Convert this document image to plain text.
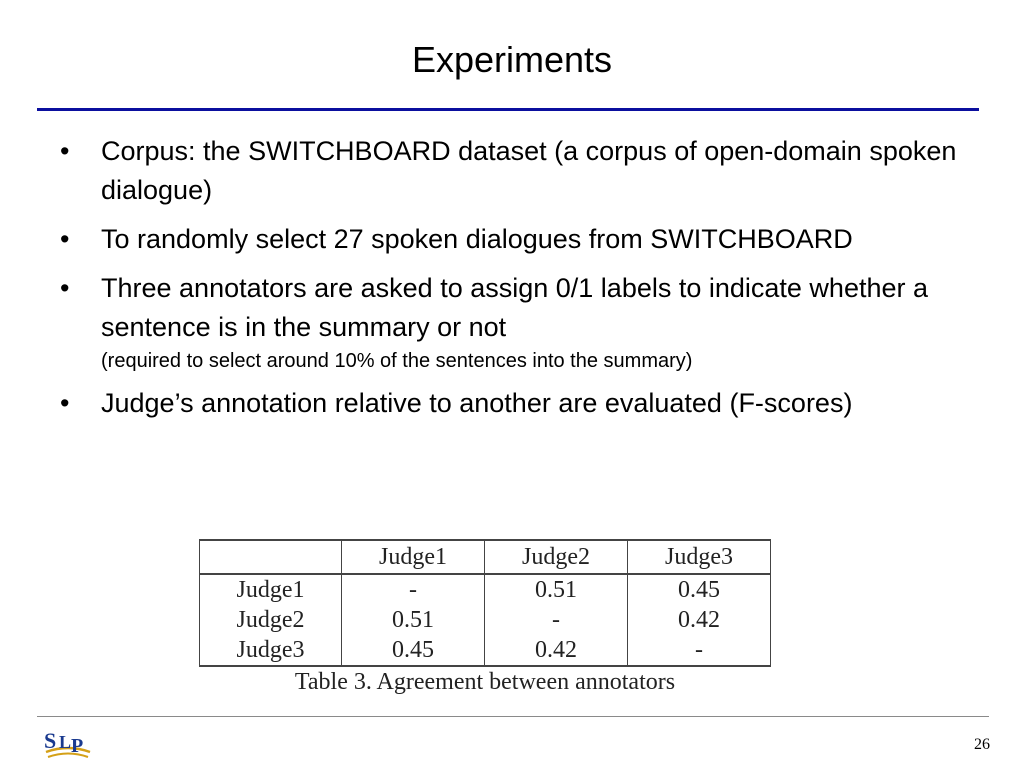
Experiments
• Corpus: the SWITCHBOARD dataset (a corpus of open-domain spoken dialogue)
• To randomly select 27 spoken dialogues from SWITCHBOARD
• Three annotators are asked to assign 0/1 labels to indicate whether a sentence is in the summary or not
(required to select around 10% of the sentences into the summary)
• Judge’s annotation relative to another are evaluated (F-scores)
	Judge1	Judge2	Judge3
Judge1	-	0.51	0.45
Judge2	0.51	-	0.42
Judge3	0.45	0.42	-
Table 3. Agreement between annotators
S L P	26
